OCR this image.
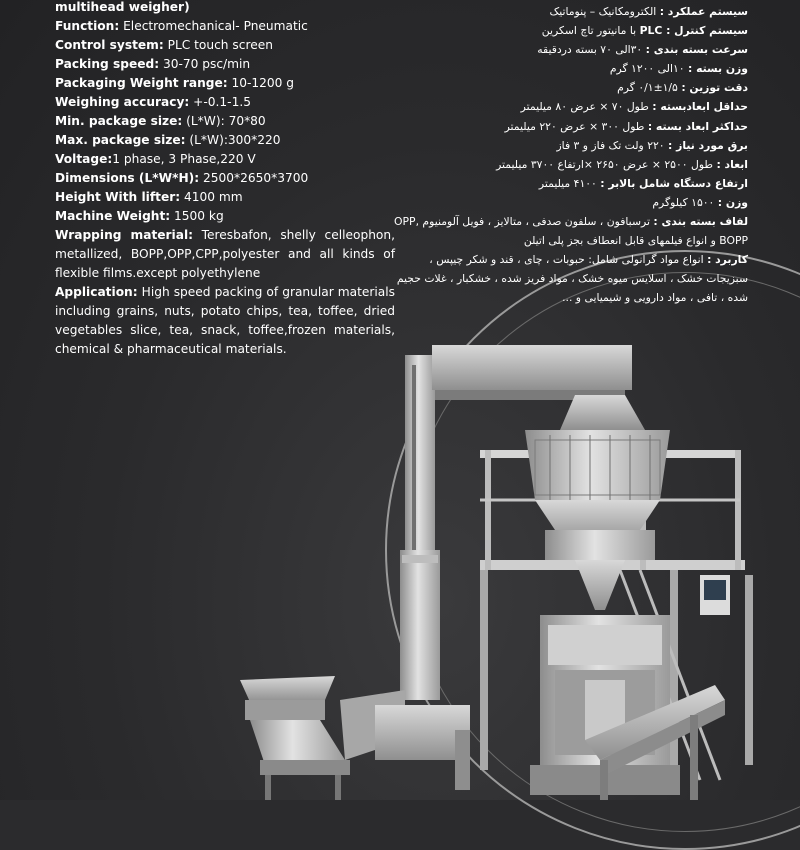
multihead weigher)
Function: Electromechanical- Pneumatic
Control system: PLC touch screen
Packing speed: 30-70 psc/min
Packaging Weight range: 10-1200 g
Weighing accuracy: +-0.1-1.5
Min. package size: (L*W): 70*80
Max. package size: (L*W):300*220
Voltage:1 phase, 3 Phase,220 V
Dimensions (L*W*H): 2500*2650*3700
Height With lifter: 4100 mm
Machine Weight: 1500 kg
Wrapping material: Teresbafon, shelly celleophon, metallized, BOPP,OPP,CPP,polyester and all kinds of flexible films.except polyethylene
Application: High speed packing of granular materials including grains, nuts, potato chips, tea, toffee, dried vegetables slice, tea, snack, toffee,frozen materials, chemical & pharmaceutical materials.
سیستم عملکرد : الکترومکانیک – پنوماتیک
سیستم کنترل : PLC با مانیتور تاچ اسکرین
سرعت بسته بندی : ۳۰الی ۷۰ بسته دردقیقه
وزن بسته : ۱۰الی ۱۲۰۰ گرم
دقت توزین : ۱/۵±۰/۱ گرم
حداقل ابعادبسته : طول ۷۰ × عرض ۸۰ میلیمتر
حداکثر ابعاد بسته : طول ۳۰۰ × عرض ۲۲۰ میلیمتر
برق مورد نیاز : ۲۲۰ ولت تک فاز و ۳ فاز
ابعاد : طول ۲۵۰۰ × عرض ۲۶۵۰ ×ارتفاع ۳۷۰۰ میلیمتر
ارتفاع دستگاه شامل بالابر : ۴۱۰۰ میلیمتر
وزن : ۱۵۰۰ کیلوگرم
لفاف بسته بندی : ترسبافون ، سلفون صدفی ، متالایز ، فویل آلومنیوم OPP, BOPP و انواع فیلمهای قابل انعطاف بجز پلی اتیلن
کاربرد : انواع مواد گرانولی شامل: حبوبات ، چای ، قند و شکر چیپس ، سبزیجات خشک ، اسلایس میوه خشک ، مواد فریز شده ، خشکبار ، غلات حجیم شده ، تافی ، مواد دارویی و شیمیایی و ...
